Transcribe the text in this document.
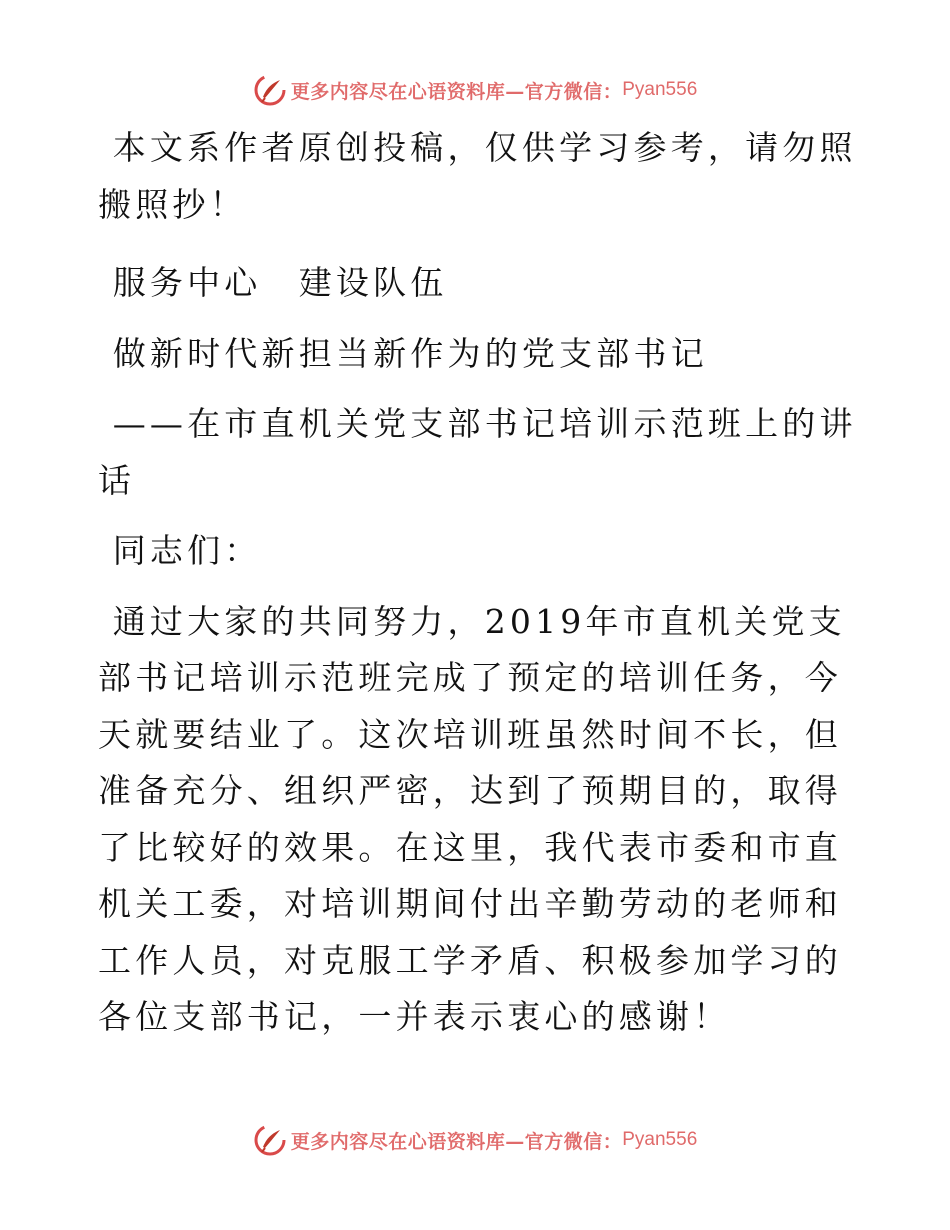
更多内容尽在心语资料库—官方微信： Pyan556

本文系作者原创投稿，仅供学习参考，请勿照搬照抄！

服务中心　建设队伍

做新时代新担当新作为的党支部书记

——在市直机关党支部书记培训示范班上的讲话

同志们：

通过大家的共同努力，2019年市直机关党支部书记培训示范班完成了预定的培训任务，今天就要结业了。这次培训班虽然时间不长，但准备充分、组织严密，达到了预期目的，取得了比较好的效果。在这里，我代表市委和市直机关工委，对培训期间付出辛勤劳动的老师和工作人员，对克服工学矛盾、积极参加学习的各位支部书记，一并表示衷心的感谢！

更多内容尽在心语资料库—官方微信： Pyan556
